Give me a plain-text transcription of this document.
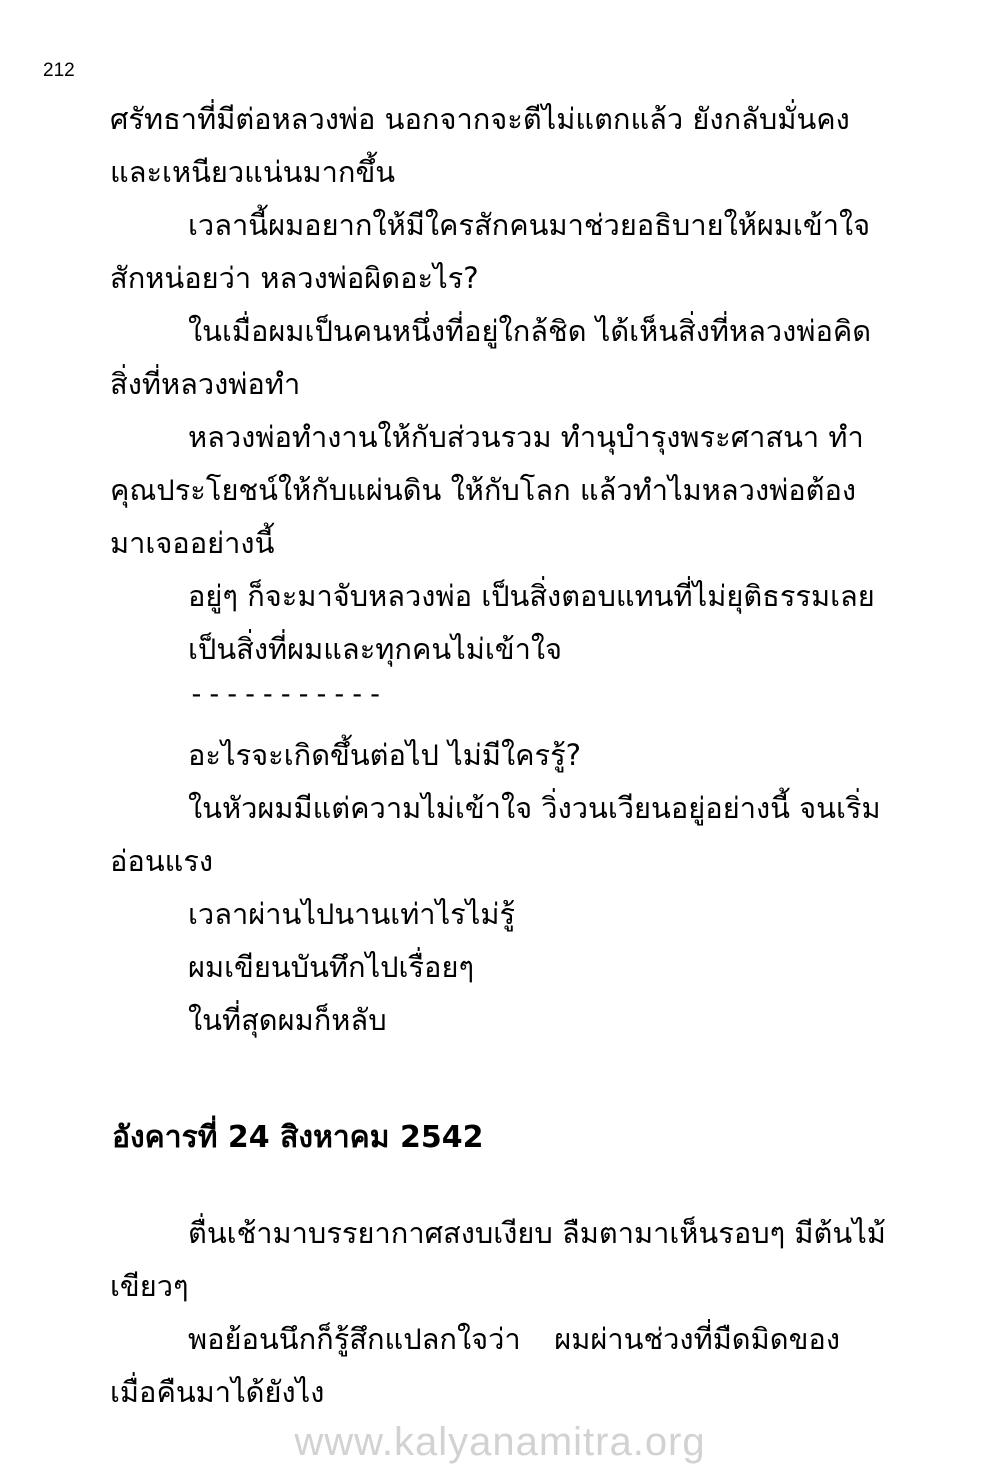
212
ศรัทธาที่มีต่อหลวงพ่อ นอกจากจะตีไม่แตกแล้ว ยังกลับมั่นคง
และเหนียวแน่นมากขึ้น
เวลานี้ผมอยากให้มีใครสักคนมาช่วยอธิบายให้ผมเข้าใจ
สักหน่อยว่า หลวงพ่อผิดอะไร?
ในเมื่อผมเป็นคนหนึ่งที่อยู่ใกล้ชิด ได้เห็นสิ่งที่หลวงพ่อคิด
สิ่งที่หลวงพ่อทำ
หลวงพ่อทำงานให้กับส่วนรวม ทำนุบำรุงพระศาสนา ทำ
คุณประโยชน์ให้กับแผ่นดิน ให้กับโลก แล้วทำไมหลวงพ่อต้อง
มาเจออย่างนี้
อยู่ๆ ก็จะมาจับหลวงพ่อ เป็นสิ่งตอบแทนที่ไม่ยุติธรรมเลย
เป็นสิ่งที่ผมและทุกคนไม่เข้าใจ
อะไรจะเกิดขึ้นต่อไป ไม่มีใครรู้?
ในหัวผมมีแต่ความไม่เข้าใจ วิ่งวนเวียนอยู่อย่างนี้ จนเริ่ม
อ่อนแรง
เวลาผ่านไปนานเท่าไรไม่รู้
ผมเขียนบันทึกไปเรื่อยๆ
ในที่สุดผมก็หลับ
ตื่นเช้ามาบรรยากาศสงบเงียบ ลืมตามาเห็นรอบๆ มีต้นไม้
เขียวๆ
พอย้อนนึกก็รู้สึกแปลกใจว่า ผมผ่านช่วงที่มืดมิดของ
เมื่อคืนมาได้ยังไง
-----------
อังคารที่ 24 สิงหาคม 2542
www.kalyanamitra.org
